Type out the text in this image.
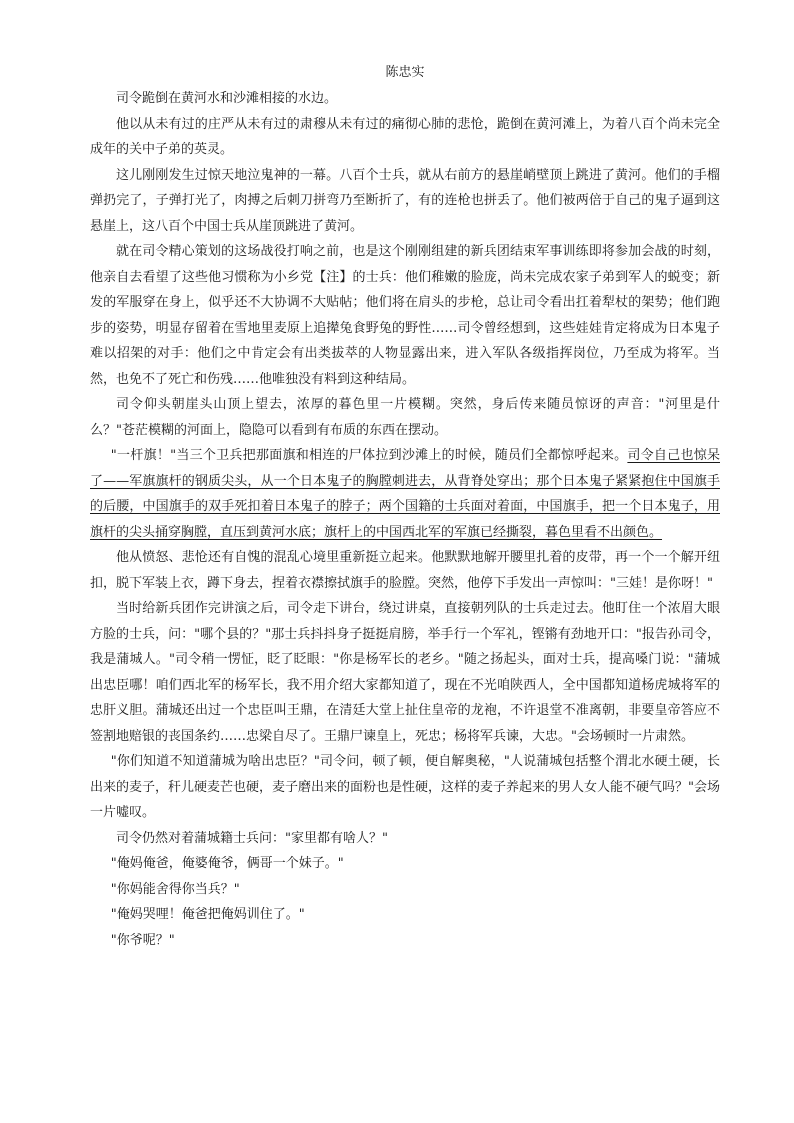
陈忠实

司令跪倒在黄河水和沙滩相接的水边。

他以从未有过的庄严从未有过的肃穆从未有过的痛彻心肺的悲怆，跪倒在黄河滩上，为着八百个尚未完全成年的关中子弟的英灵。

这儿刚刚发生过惊天地泣鬼神的一幕。八百个士兵，就从右前方的悬崖峭壁顶上跳进了黄河。他们的手榴弹扔完了，子弹打光了，肉搏之后刺刀拼弯乃至断折了，有的连枪也拼丢了。他们被两倍于自己的鬼子逼到这悬崖上，这八百个中国士兵从崖顶跳进了黄河。

就在司令精心策划的这场战役打响之前，也是这个刚刚组建的新兵团结束军事训练即将参加会战的时刻，他亲自去看望了这些他习惯称为小乡党【注】的士兵：他们稚嫩的脸庞，尚未完成农家子弟到军人的蜕变；新发的军服穿在身上，似乎还不大协调不大贴帖；他们将在肩头的步枪，总让司令看出扛着犁杖的架势；他们跑步的姿势，明显存留着在雪地里麦原上追撵兔食野兔的野性……司令曾经想到，这些娃娃肯定将成为日本鬼子难以招架的对手：他们之中肯定会有出类拔萃的人物显露出来，进入军队各级指挥岗位，乃至成为将军。当然，也免不了死亡和伤残……他唯独没有料到这种结局。

司令仰头朝崖头山顶上望去，浓厚的暮色里一片模糊。突然，身后传来随员惊讶的声音："河里是什么？"苍茫模糊的河面上，隐隐可以看到有布质的东西在摆动。

"一杆旗！"当三个卫兵把那面旗和相连的尸体拉到沙滩上的时候，随员们全都惊呼起来。司令自己也惊呆了——军旗旗杆的钢质尖头，从一个日本鬼子的胸膛刺进去，从背脊处穿出；那个日本鬼子紧紧抱住中国旗手的后腰，中国旗手的双手死扣着日本鬼子的脖子；两个国籍的士兵面对着面，中国旗手，把一个日本鬼子，用旗杆的尖头捅穿胸膛，直压到黄河水底；旗杆上的中国西北军的军旗已经撕裂，暮色里看不出颜色。

他从愤怒、悲怆还有自愧的混乱心境里重新挺立起来。他默默地解开腰里扎着的皮带，再一个一个解开纽扣，脱下军装上衣，蹲下身去，捏着衣襟擦拭旗手的脸膛。突然，他停下手发出一声惊叫："三娃！是你呀！"

当时给新兵团作完讲演之后，司令走下讲台，绕过讲桌，直接朝列队的士兵走过去。他盯住一个浓眉大眼方脸的士兵，问："哪个县的？"那士兵抖抖身子挺挺肩膀，举手行一个军礼，铿锵有劲地开口："报告孙司令，我是蒲城人。"司令稍一愣怔，眨了眨眼："你是杨军长的老乡。"随之扬起头，面对士兵，提高嗓门说："蒲城出忠臣哪！咱们西北军的杨军长，我不用介绍大家都知道了，现在不光咱陕西人，全中国都知道杨虎城将军的忠肝义胆。蒲城还出过一个忠臣叫王鼎，在清廷大堂上扯住皇帝的龙袍，不许退堂不准离朝，非要皇帝答应不签割地赔银的丧国条约……忠梁自尽了。王鼎尸谏皇上，死忠；杨将军兵谏，大忠。"会场顿时一片肃然。

"你们知道不知道蒲城为啥出忠臣？"司令问，顿了顿，便自解奥秘，"人说蒲城包括整个渭北水硬土硬，长出来的麦子，秆儿硬麦芒也硬，麦子磨出来的面粉也是性硬，这样的麦子养起来的男人女人能不硬气吗？"会场一片嘘叹。

司令仍然对着蒲城籍士兵问："家里都有啥人？"

"俺妈俺爸，俺婆俺爷，俩哥一个妹子。"

"你妈能舍得你当兵？"

"俺妈哭哩！俺爸把俺妈训住了。"

"你爷呢？"
